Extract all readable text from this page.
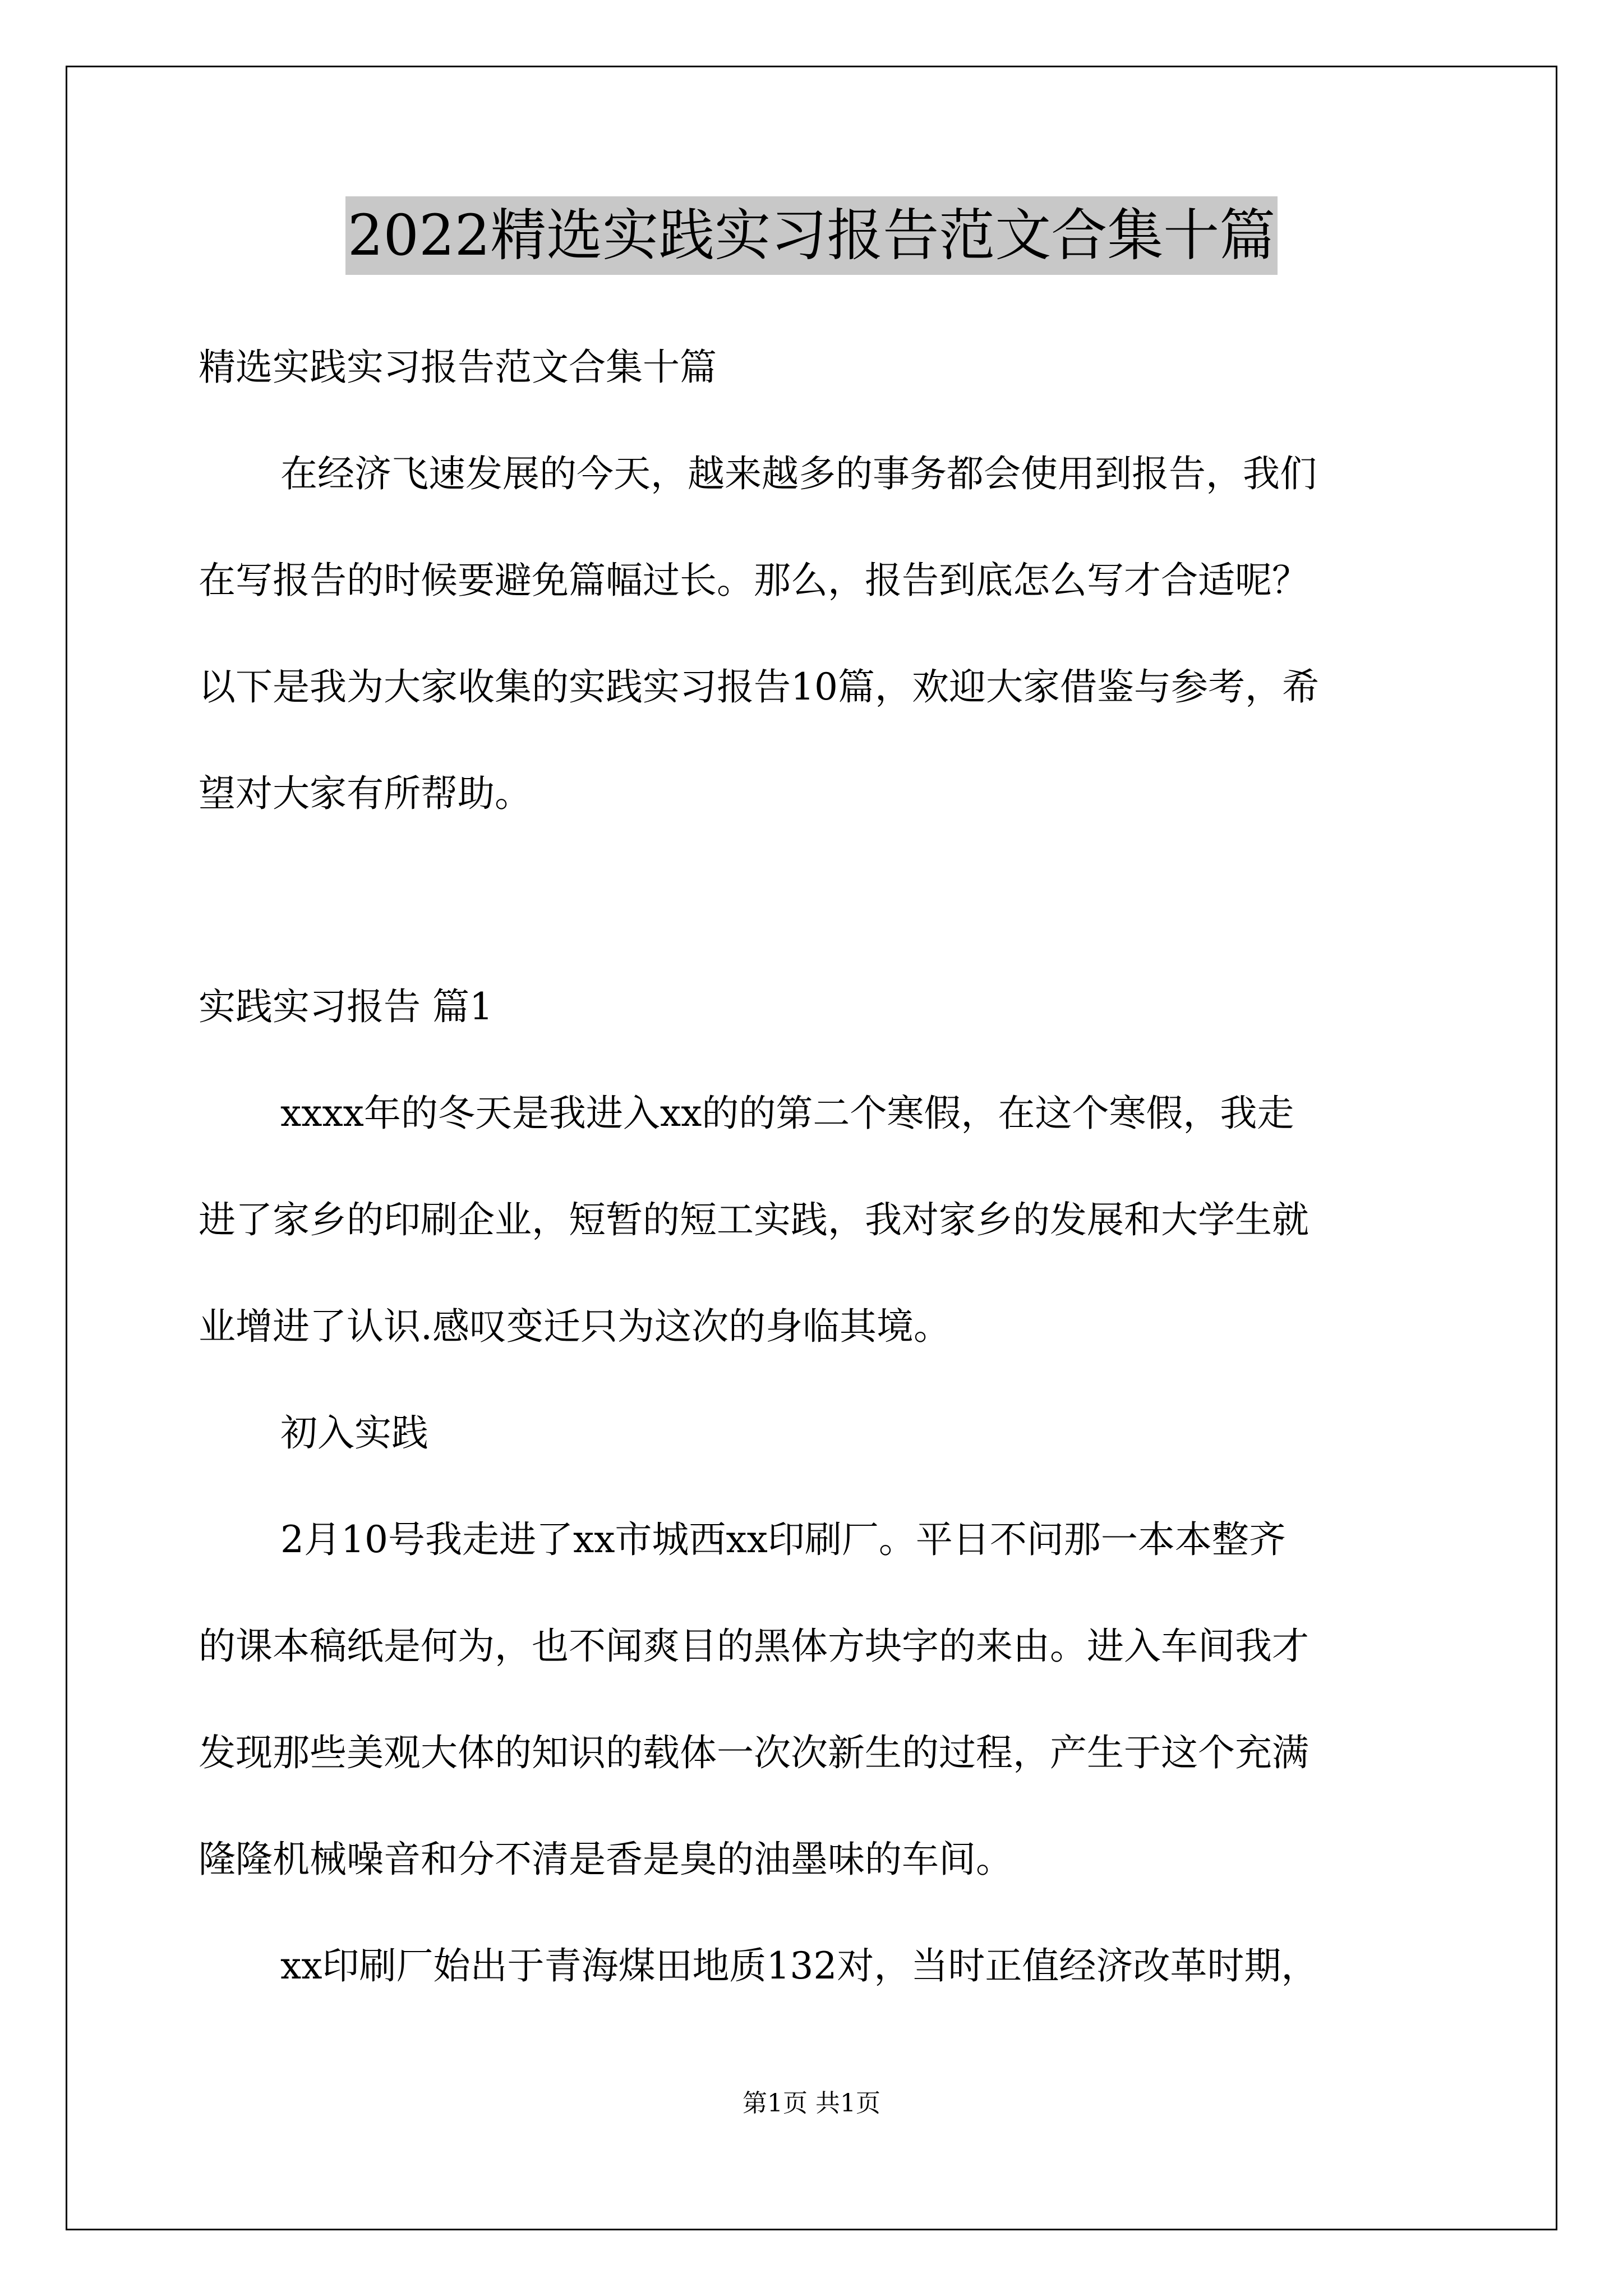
2022精选实践实习报告范文合集十篇
精选实践实习报告范文合集十篇
在经济飞速发展的今天，越来越多的事务都会使用到报告，我们
在写报告的时候要避免篇幅过长。那么，报告到底怎么写才合适呢？
以下是我为大家收集的实践实习报告10篇，欢迎大家借鉴与参考，希
望对大家有所帮助。
实践实习报告 篇1
xxxx年的冬天是我进入xx的的第二个寒假，在这个寒假，我走
进了家乡的印刷企业，短暂的短工实践，我对家乡的发展和大学生就
业增进了认识.感叹变迁只为这次的身临其境。
初入实践
2月10号我走进了xx市城西xx印刷厂。平日不问那一本本整齐
的课本稿纸是何为，也不闻爽目的黑体方块字的来由。进入车间我才
发现那些美观大体的知识的载体一次次新生的过程，产生于这个充满
隆隆机械噪音和分不清是香是臭的油墨味的车间。
xx印刷厂始出于青海煤田地质132对，当时正值经济改革时期，
第1页 共1页
